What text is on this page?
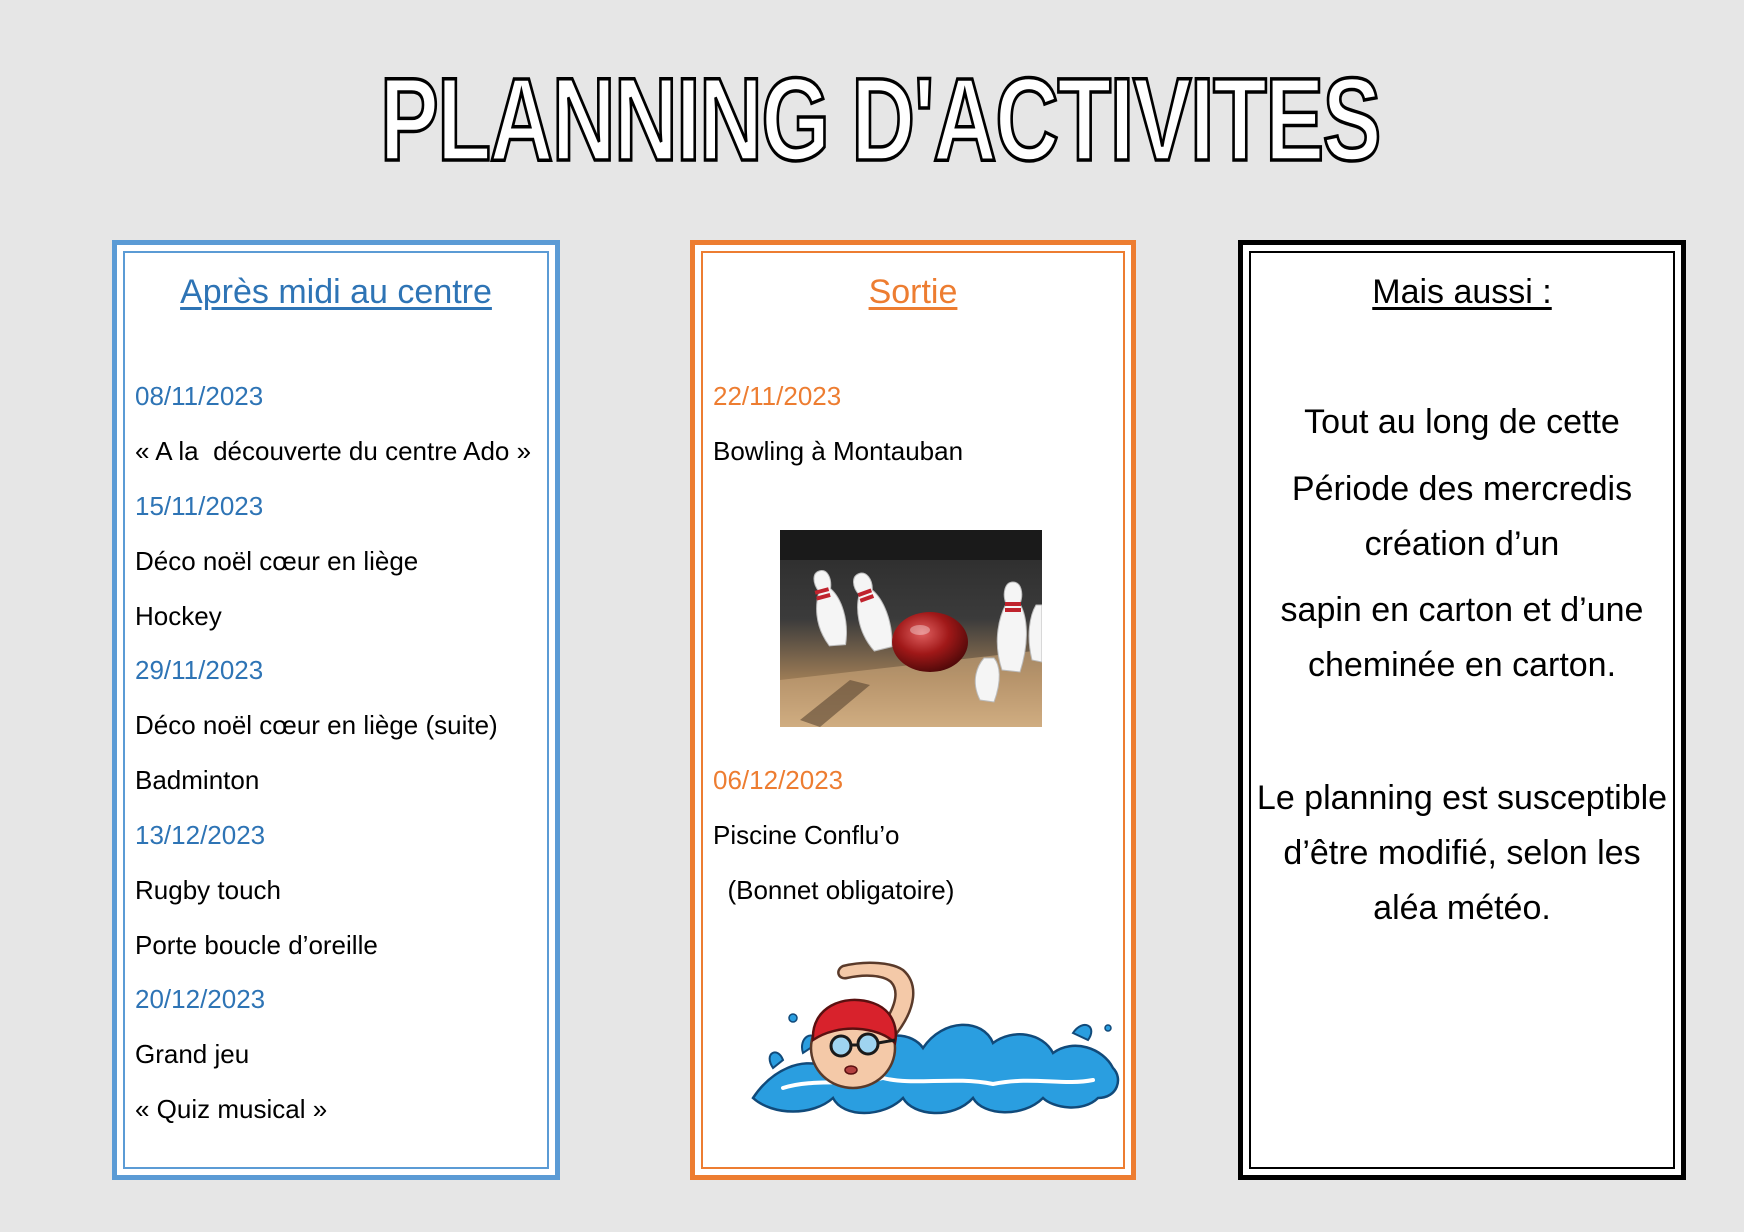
PLANNING D'ACTIVITES
Après midi au centre
08/11/2023
« A la  découverte du centre Ado »
15/11/2023
Déco noël cœur en liège
Hockey
29/11/2023
Déco noël cœur en liège (suite)
Badminton
13/12/2023
Rugby touch
Porte boucle d’oreille
20/12/2023
Grand jeu
« Quiz musical »
Sortie
22/11/2023
Bowling à Montauban
06/12/2023
Piscine Conflu’o
(Bonnet obligatoire)
Mais aussi :
Tout au long de cette
Période des mercredis
création d’un
sapin en carton et d’une
cheminée en carton.
Le planning est susceptible
d’être modifié, selon les
aléa météo.
